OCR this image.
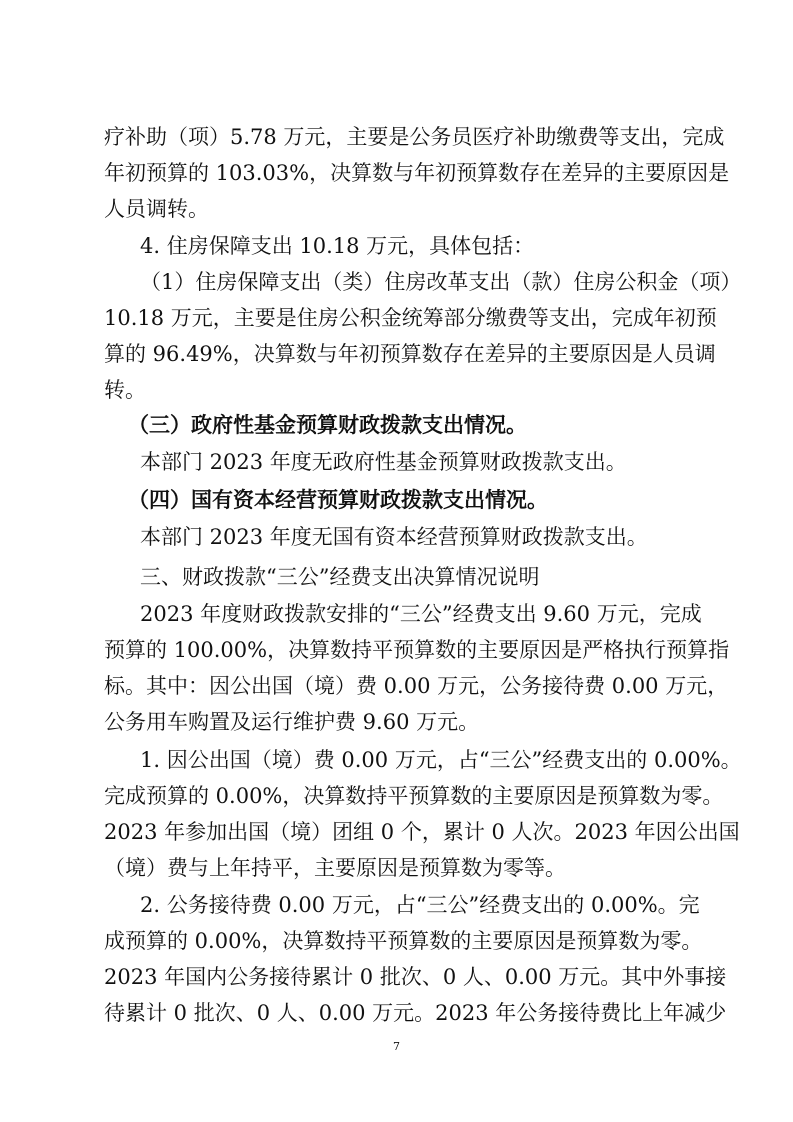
疗补助（项）5.78 万元，主要是公务员医疗补助缴费等支出，完成

年初预算的 103.03%，决算数与年初预算数存在差异的主要原因是

人员调转。

4. 住房保障支出 10.18 万元，具体包括：

（1）住房保障支出（类）住房改革支出（款）住房公积金（项）

10.18 万元，主要是住房公积金统筹部分缴费等支出，完成年初预

算的 96.49%，决算数与年初预算数存在差异的主要原因是人员调

转。

（三）政府性基金预算财政拨款支出情况。

本部门 2023 年度无政府性基金预算财政拨款支出。

（四）国有资本经营预算财政拨款支出情况。

本部门 2023 年度无国有资本经营预算财政拨款支出。

三、财政拨款“三公”经费支出决算情况说明

2023 年度财政拨款安排的“三公”经费支出 9.60 万元，完成

预算的 100.00%，决算数持平预算数的主要原因是严格执行预算指

标。其中：因公出国（境）费 0.00 万元，公务接待费 0.00 万元，

公务用车购置及运行维护费 9.60 万元。

1. 因公出国（境）费 0.00 万元，占“三公”经费支出的 0.00%。

完成预算的 0.00%，决算数持平预算数的主要原因是预算数为零。

2023 年参加出国（境）团组 0 个，累计 0 人次。2023 年因公出国

（境）费与上年持平，主要原因是预算数为零等。

2. 公务接待费 0.00 万元，占“三公”经费支出的 0.00%。完

成预算的 0.00%，决算数持平预算数的主要原因是预算数为零。

2023 年国内公务接待累计 0 批次、0 人、0.00 万元。其中外事接

待累计 0 批次、0 人、0.00 万元。2023 年公务接待费比上年减少

7
